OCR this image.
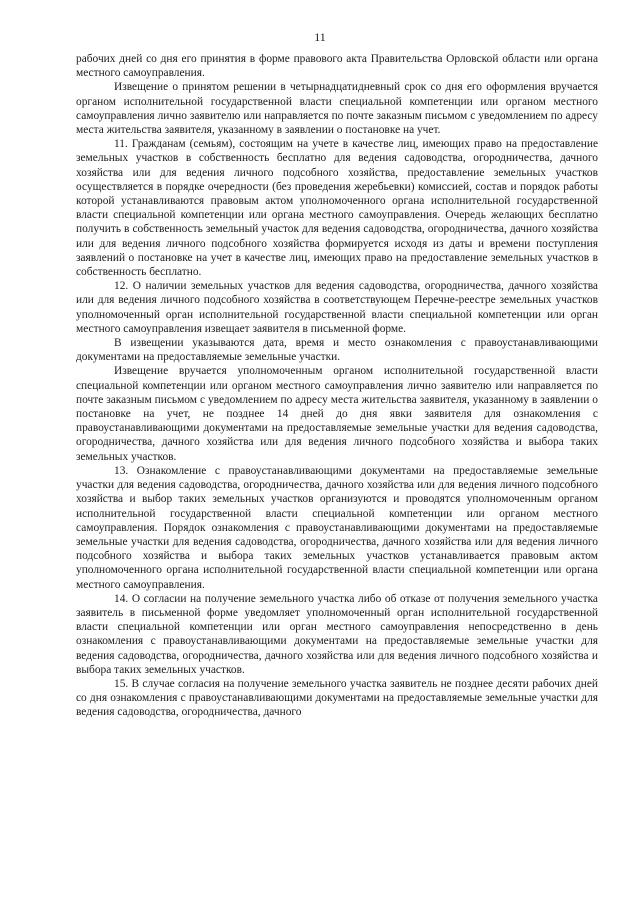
11

рабочих дней со дня его принятия в форме правового акта Правительства Орловской области или органа местного самоуправления.

Извещение о принятом решении в четырнадцатидневный срок со дня его оформления вручается органом исполнительной государственной власти специальной компетенции или органом местного самоуправления лично заявителю или направляется по почте заказным письмом с уведомлением по адресу места жительства заявителя, указанному в заявлении о постановке на учет.

11. Гражданам (семьям), состоящим на учете в качестве лиц, имеющих право на предоставление земельных участков в собственность бесплатно для ведения садоводства, огородничества, дачного хозяйства или для ведения личного подсобного хозяйства, предоставление земельных участков осуществляется в порядке очередности (без проведения жеребьевки) комиссией, состав и порядок работы которой устанавливаются правовым актом уполномоченного органа исполнительной государственной власти специальной компетенции или органа местного самоуправления. Очередь желающих бесплатно получить в собственность земельный участок для ведения садоводства, огородничества, дачного хозяйства или для ведения личного подсобного хозяйства формируется исходя из даты и времени поступления заявлений о постановке на учет в качестве лиц, имеющих право на предоставление земельных участков в собственность бесплатно.

12. О наличии земельных участков для ведения садоводства, огородничества, дачного хозяйства или для ведения личного подсобного хозяйства в соответствующем Перечне-реестре земельных участков уполномоченный орган исполнительной государственной власти специальной компетенции или орган местного самоуправления извещает заявителя в письменной форме.

В извещении указываются дата, время и место ознакомления с правоустанавливающими документами на предоставляемые земельные участки.

Извещение вручается уполномоченным органом исполнительной государственной власти специальной компетенции или органом местного самоуправления лично заявителю или направляется по почте заказным письмом с уведомлением по адресу места жительства заявителя, указанному в заявлении о постановке на учет, не позднее 14 дней до дня явки заявителя для ознакомления с правоустанавливающими документами на предоставляемые земельные участки для ведения садоводства, огородничества, дачного хозяйства или для ведения личного подсобного хозяйства и выбора таких земельных участков.

13. Ознакомление с правоустанавливающими документами на предоставляемые земельные участки для ведения садоводства, огородничества, дачного хозяйства или для ведения личного подсобного хозяйства и выбор таких земельных участков организуются и проводятся уполномоченным органом исполнительной государственной власти специальной компетенции или органом местного самоуправления. Порядок ознакомления с правоустанавливающими документами на предоставляемые земельные участки для ведения садоводства, огородничества, дачного хозяйства или для ведения личного подсобного хозяйства и выбора таких земельных участков устанавливается правовым актом уполномоченного органа исполнительной государственной власти специальной компетенции или органа местного самоуправления.

14. О согласии на получение земельного участка либо об отказе от получения земельного участка заявитель в письменной форме уведомляет уполномоченный орган исполнительной государственной власти специальной компетенции или орган местного самоуправления непосредственно в день ознакомления с правоустанавливающими документами на предоставляемые земельные участки для ведения садоводства, огородничества, дачного хозяйства или для ведения личного подсобного хозяйства и выбора таких земельных участков.

15. В случае согласия на получение земельного участка заявитель не позднее десяти рабочих дней со дня ознакомления с правоустанавливающими документами на предоставляемые земельные участки для ведения садоводства, огородничества, дачного
